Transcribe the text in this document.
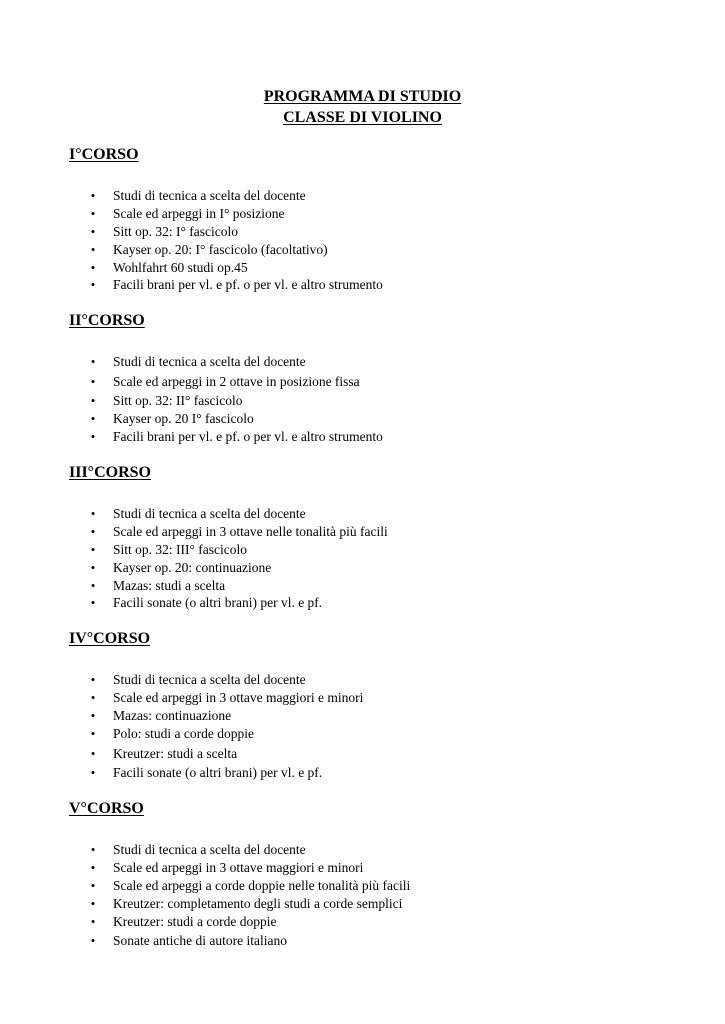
PROGRAMMA DI STUDIO
CLASSE DI VIOLINO
I°CORSO
• Studi di tecnica a scelta del docente
• Scale ed arpeggi in I° posizione
• Sitt op. 32: I° fascicolo
• Kayser op. 20: I° fascicolo (facoltativo)
• Wohlfahrt 60 studi op.45
• Facili brani per vl. e pf. o per vl. e altro strumento
II°CORSO
• Studi di tecnica a scelta del docente
• Scale ed arpeggi in 2 ottave in posizione fissa
• Sitt op. 32: II° fascicolo
• Kayser op. 20 I° fascicolo
• Facili brani per vl. e pf. o per vl. e altro strumento
III°CORSO
• Studi di tecnica a scelta del docente
• Scale ed arpeggi in 3 ottave nelle tonalità più facili
• Sitt op. 32: III° fascicolo
• Kayser op. 20: continuazione
• Mazas: studi a scelta
• Facili sonate (o altri brani) per vl. e pf.
IV°CORSO
• Studi di tecnica a scelta del docente
• Scale ed arpeggi in 3 ottave maggiori e minori
• Mazas: continuazione
• Polo: studi a corde doppie
• Kreutzer: studi a scelta
• Facili sonate (o altri brani) per vl. e pf.
V°CORSO
• Studi di tecnica a scelta del docente
• Scale ed arpeggi in 3 ottave maggiori e minori
• Scale ed arpeggi a corde doppie nelle tonalità più facili
• Kreutzer: completamento degli studi a corde semplici
• Kreutzer: studi a corde doppie
• Sonate antiche di autore italiano
